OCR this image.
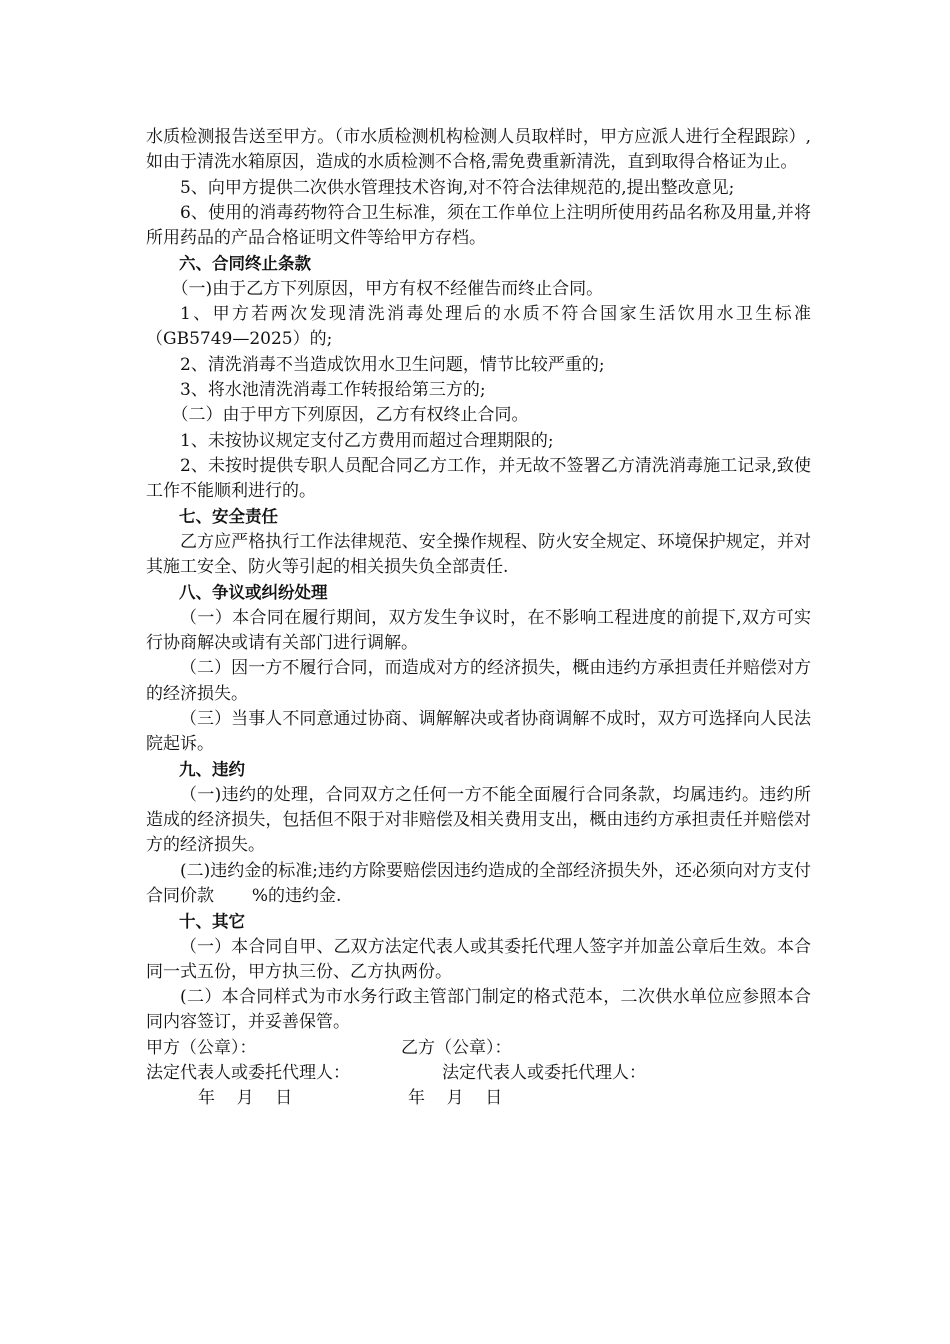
水质检测报告送至甲方。（市水质检测机构检测人员取样时，甲方应派人进行全程跟踪）,如由于清洗水箱原因，造成的水质检测不合格,需免费重新清洗，直到取得合格证为止。

5、向甲方提供二次供水管理技术咨询,对不符合法律规范的,提出整改意见;

6、使用的消毒药物符合卫生标准，须在工作单位上注明所使用药品名称及用量,并将所用药品的产品合格证明文件等给甲方存档。

六、合同终止条款

（一)由于乙方下列原因，甲方有权不经催告而终止合同。

1、甲方若两次发现清洗消毒处理后的水质不符合国家生活饮用水卫生标准（GB5749—2025）的;

2、清洗消毒不当造成饮用水卫生问题，情节比较严重的;

3、将水池清洗消毒工作转报给第三方的;

（二）由于甲方下列原因，乙方有权终止合同。

1、未按协议规定支付乙方费用而超过合理期限的;

2、未按时提供专职人员配合同乙方工作，并无故不签署乙方清洗消毒施工记录,致使工作不能顺利进行的。

七、安全责任

乙方应严格执行工作法律规范、安全操作规程、防火安全规定、环境保护规定，并对其施工安全、防火等引起的相关损失负全部责任.

八、争议或纠纷处理

（一）本合同在履行期间，双方发生争议时，在不影响工程进度的前提下,双方可实行协商解决或请有关部门进行调解。

（二）因一方不履行合同，而造成对方的经济损失，概由违约方承担责任并赔偿对方的经济损失。

（三）当事人不同意通过协商、调解解决或者协商调解不成时，双方可选择向人民法院起诉。

九、违约

（一)违约的处理，合同双方之任何一方不能全面履行合同条款，均属违约。违约所造成的经济损失，包括但不限于对非赔偿及相关费用支出，概由违约方承担责任并赔偿对方的经济损失。

(二)违约金的标准;违约方除要赔偿因违约造成的全部经济损失外，还必须向对方支付合同价款       %的违约金.

十、其它

（一）本合同自甲、乙双方法定代表人或其委托代理人签字并加盖公章后生效。本合同一式五份，甲方执三份、乙方执两份。

(二）本合同样式为市水务行政主管部门制定的格式范本，二次供水单位应参照本合同内容签订，并妥善保管。

甲方（公章）：	乙方（公章）：
法定代表人或委托代理人：	法定代表人或委托代理人：
年    月    日	年    月    日
